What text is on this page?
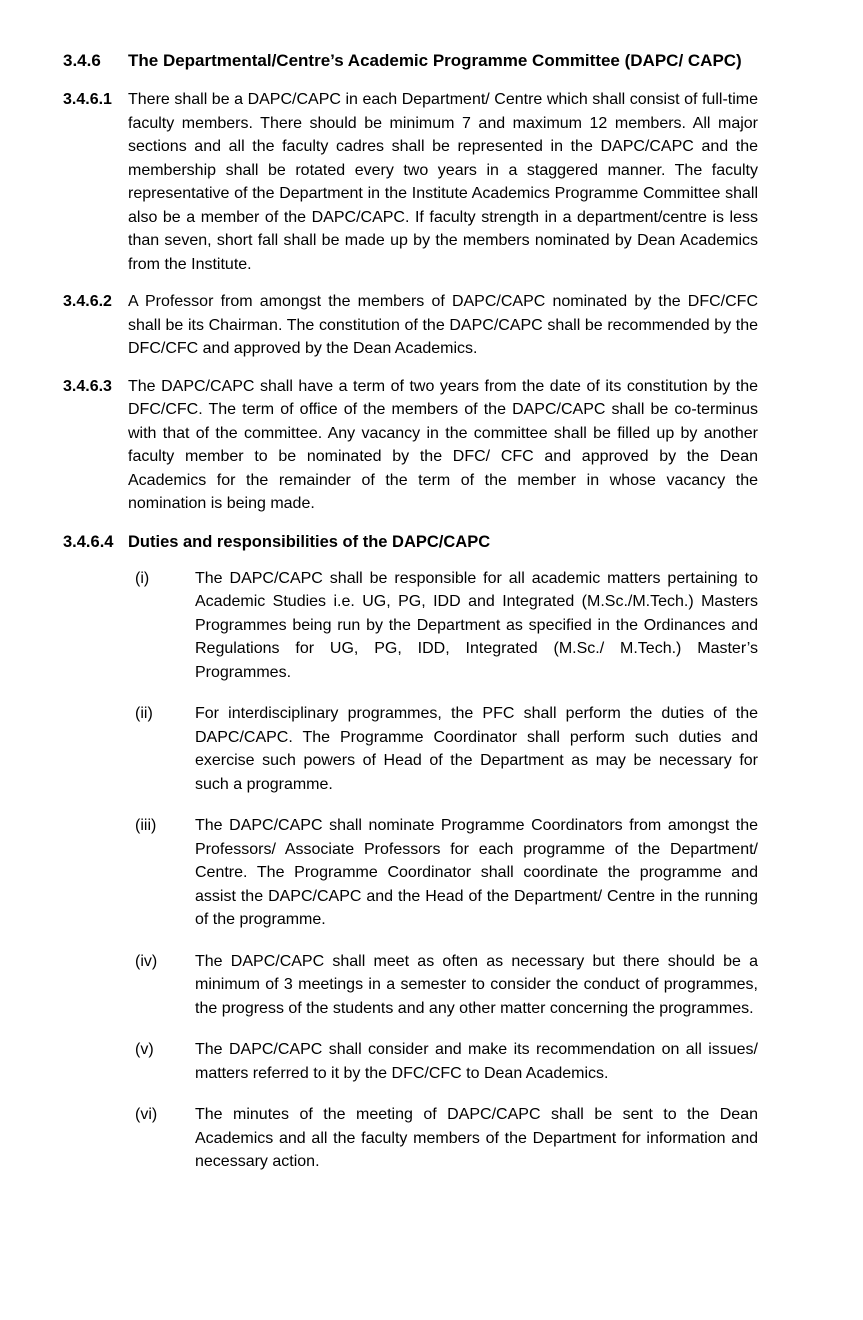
3.4.6	The Departmental/Centre’s Academic Programme Committee (DAPC/ CAPC)
3.4.6.1	There shall be a DAPC/CAPC in each Department/ Centre which shall consist of full-time faculty members. There should be minimum 7 and maximum 12 members. All major sections and all the faculty cadres shall be represented in the DAPC/CAPC and the membership shall be rotated every two years in a staggered manner. The faculty representative of the Department in the Institute Academics Programme Committee shall also be a member of the DAPC/CAPC. If faculty strength in a department/centre is less than seven, short fall shall be made up by the members nominated by Dean Academics from the Institute.
3.4.6.2	A Professor from amongst the members of DAPC/CAPC nominated by the DFC/CFC shall be its Chairman. The constitution of the DAPC/CAPC shall be recommended by the DFC/CFC and approved by the Dean Academics.
3.4.6.3	The DAPC/CAPC shall have a term of two years from the date of its constitution by the DFC/CFC. The term of office of the members of the DAPC/CAPC shall be co-terminus with that of the committee. Any vacancy in the committee shall be filled up by another faculty member to be nominated by the DFC/ CFC and approved by the Dean Academics for the remainder of the term of the member in whose vacancy the nomination is being made.
3.4.6.4 Duties and responsibilities of the DAPC/CAPC
(i)	The DAPC/CAPC shall be responsible for all academic matters pertaining to Academic Studies i.e. UG, PG, IDD and Integrated (M.Sc./M.Tech.) Masters Programmes being run by the Department as specified in the Ordinances and Regulations for UG, PG, IDD, Integrated (M.Sc./ M.Tech.) Master’s Programmes.
(ii)	For interdisciplinary programmes, the PFC shall perform the duties of the DAPC/CAPC. The Programme Coordinator shall perform such duties and exercise such powers of Head of the Department as may be necessary for such a programme.
(iii)	The DAPC/CAPC shall nominate Programme Coordinators from amongst the Professors/ Associate Professors for each programme of the Department/ Centre. The Programme Coordinator shall coordinate the programme and assist the DAPC/CAPC and the Head of the Department/ Centre in the running of the programme.
(iv)	The DAPC/CAPC shall meet as often as necessary but there should be a minimum of 3 meetings in a semester to consider the conduct of programmes, the progress of the students and any other matter concerning the programmes.
(v)	The DAPC/CAPC shall consider and make its recommendation on all issues/ matters referred to it by the DFC/CFC to Dean Academics.
(vi)	The minutes of the meeting of DAPC/CAPC shall be sent to the Dean Academics and all the faculty members of the Department for information and necessary action.
